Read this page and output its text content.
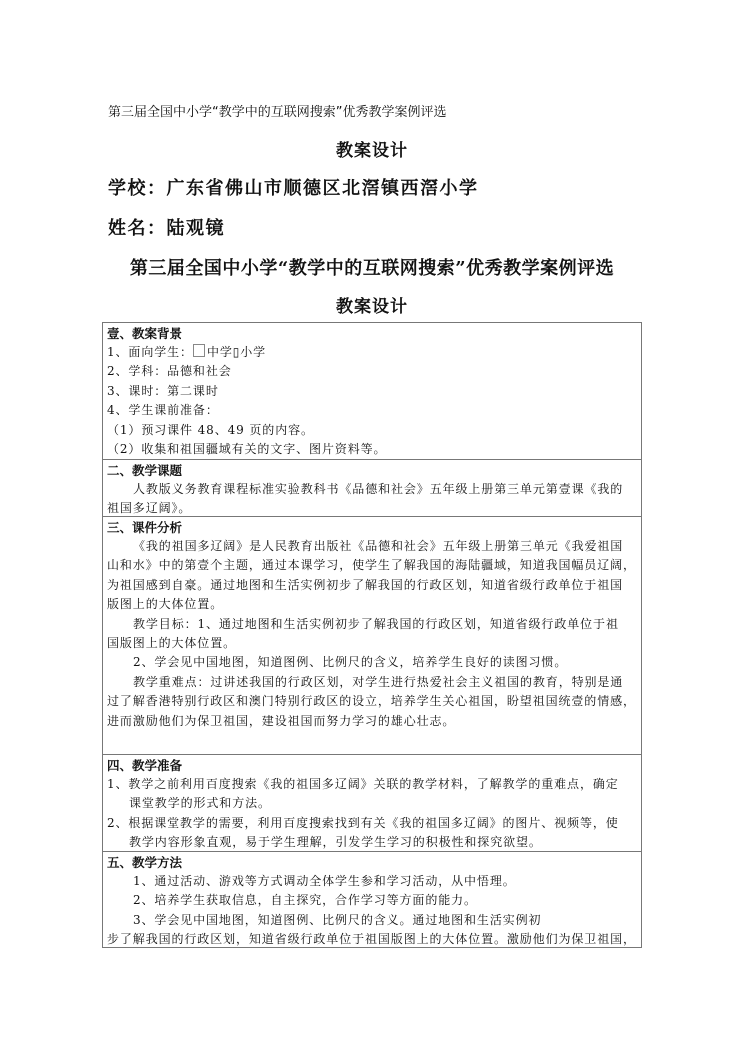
第三届全国中小学“教学中的互联网搜索”优秀教学案例评选
教案设计
学校：广东省佛山市顺德区北滘镇西滘小学
姓名：陆观镜
第三届全国中小学“教学中的互联网搜索”优秀教学案例评选
教案设计
壹、教案背景
1、面向学生： 中学▯小学
2、学科：品德和社会
3、课时：第二课时
4、学生课前准备：
（1）预习课件 48、49 页的内容。
（2）收集和祖国疆域有关的文字、图片资料等。
二、教学课题
人教版义务教育课程标准实验教科书《品德和社会》五年级上册第三单元第壹课《我的
祖国多辽阔》。
三、课件分析
《我的祖国多辽阔》是人民教育出版社《品德和社会》五年级上册第三单元《我爱祖国
山和水》中的第壹个主题，通过本课学习，使学生了解我国的海陆疆域，知道我国幅员辽阔，
为祖国感到自豪。通过地图和生活实例初步了解我国的行政区划，知道省级行政单位于祖国
版图上的大体位置。
教学目标：1、通过地图和生活实例初步了解我国的行政区划，知道省级行政单位于祖
国版图上的大体位置。
2、学会见中国地图，知道图例、比例尺的含义，培养学生良好的读图习惯。
教学重难点：过讲述我国的行政区划，对学生进行热爱社会主义祖国的教育，特别是通
过了解香港特别行政区和澳门特别行政区的设立，培养学生关心祖国，盼望祖国统壹的情感，
进而激励他们为保卫祖国，建设祖国而努力学习的雄心壮志。
四、教学准备
1、教学之前利用百度搜索《我的祖国多辽阔》关联的教学材料，了解教学的重难点，确定
课堂教学的形式和方法。
2、根据课堂教学的需要，利用百度搜索找到有关《我的祖国多辽阔》的图片、视频等，使
教学内容形象直观，易于学生理解，引发学生学习的积极性和探究欲望。
五、教学方法
1、通过活动、游戏等方式调动全体学生参和学习活动，从中悟理。
2、培养学生获取信息，自主探究，合作学习等方面的能力。
3、学会见中国地图，知道图例、比例尺的含义。通过地图和生活实例初
步了解我国的行政区划，知道省级行政单位于祖国版图上的大体位置。激励他们为保卫祖国，
